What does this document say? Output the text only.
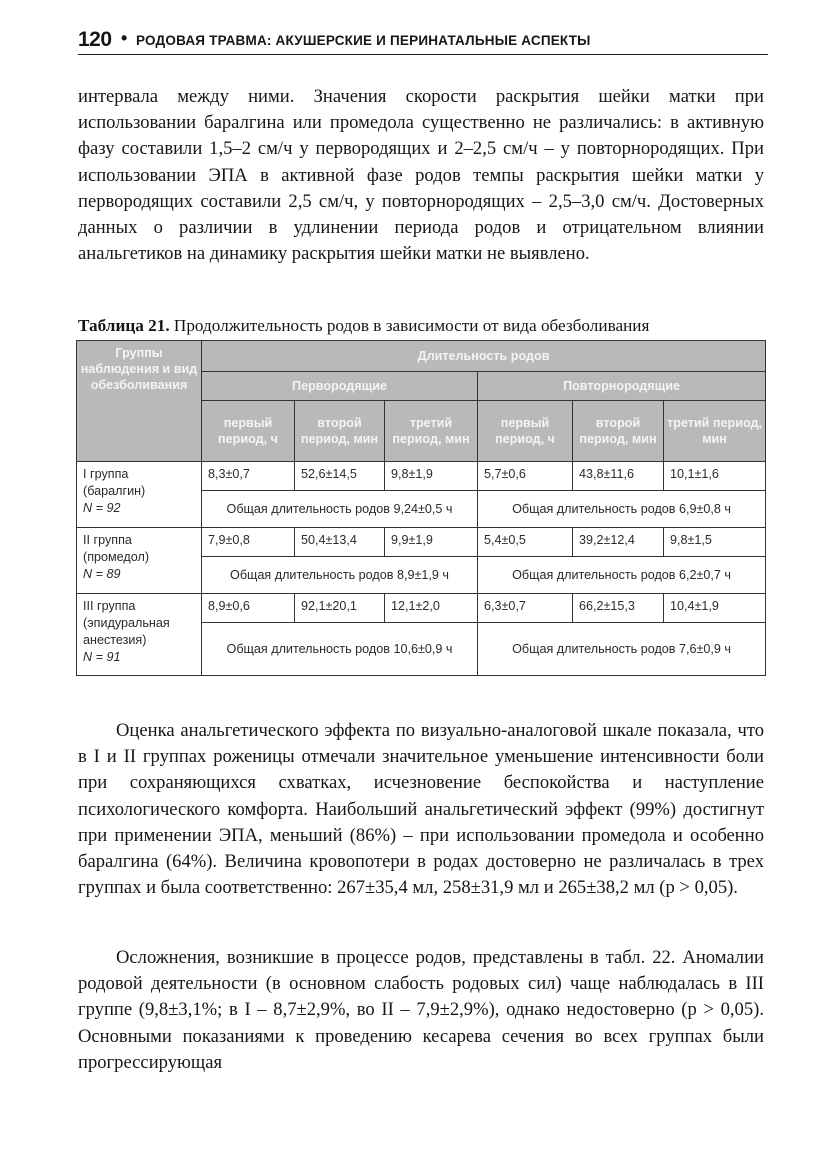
120 • РОДОВАЯ ТРАВМА: АКУШЕРСКИЕ И ПЕРИНАТАЛЬНЫЕ АСПЕКТЫ
интервала между ними. Значения скорости раскрытия шейки матки при использовании баралгина или промедола существенно не различались: в активную фазу составили 1,5–2 см/ч у первородящих и 2–2,5 см/ч – у повторнородящих. При использовании ЭПА в активной фазе родов темпы раскрытия шейки матки у первородящих составили 2,5 см/ч, у повторнородящих – 2,5–3,0 см/ч. Достоверных данных о различии в удлинении периода родов и отрицательном влиянии анальгетиков на динамику раскрытия шейки матки не выявлено.
Таблица 21. Продолжительность родов в зависимости от вида обезболивания
Группы наблюдения и вид обезболивания	Длительность родов					
	Первородящие			Повторнородящие		
	первый период, ч	второй период, мин	третий период, мин	первый период, ч	второй период, мин	третий период, мин

I группа
(баралгин)
N = 92	8,3±0,7	52,6±14,5	9,8±1,9	5,7±0,6	43,8±11,6	10,1±1,6
	Общая длительность родов 9,24±0,5 ч			Общая длительность родов 6,9±0,8 ч		

II группа
(промедол)
N = 89	7,9±0,8	50,4±13,4	9,9±1,9	5,4±0,5	39,2±12,4	9,8±1,5
	Общая длительность родов 8,9±1,9 ч			Общая длительность родов 6,2±0,7 ч		

III группа
(эпидуральная
анестезия)
N = 91	8,9±0,6	92,1±20,1	12,1±2,0	6,3±0,7	66,2±15,3	10,4±1,9
	Общая длительность родов 10,6±0,9 ч			Общая длительность родов 7,6±0,9 ч		
Оценка анальгетического эффекта по визуально-аналоговой шкале показала, что в I и II группах роженицы отмечали значительное уменьшение интенсивности боли при сохраняющихся схватках, исчезновение беспокойства и наступление психологического комфорта. Наибольший анальгетический эффект (99%) достигнут при применении ЭПА, меньший (86%) – при использовании промедола и особенно баралгина (64%). Величина кровопотери в родах достоверно не различалась в трех группах и была соответственно: 267±35,4 мл, 258±31,9 мл и 265±38,2 мл (p > 0,05).
Осложнения, возникшие в процессе родов, представлены в табл. 22. Аномалии родовой деятельности (в основном слабость родовых сил) чаще наблюдалась в III группе (9,8±3,1%; в I – 8,7±2,9%, во II – 7,9±2,9%), однако недостоверно (p > 0,05). Основными показаниями к проведению кесарева сечения во всех группах были прогрессирующая
